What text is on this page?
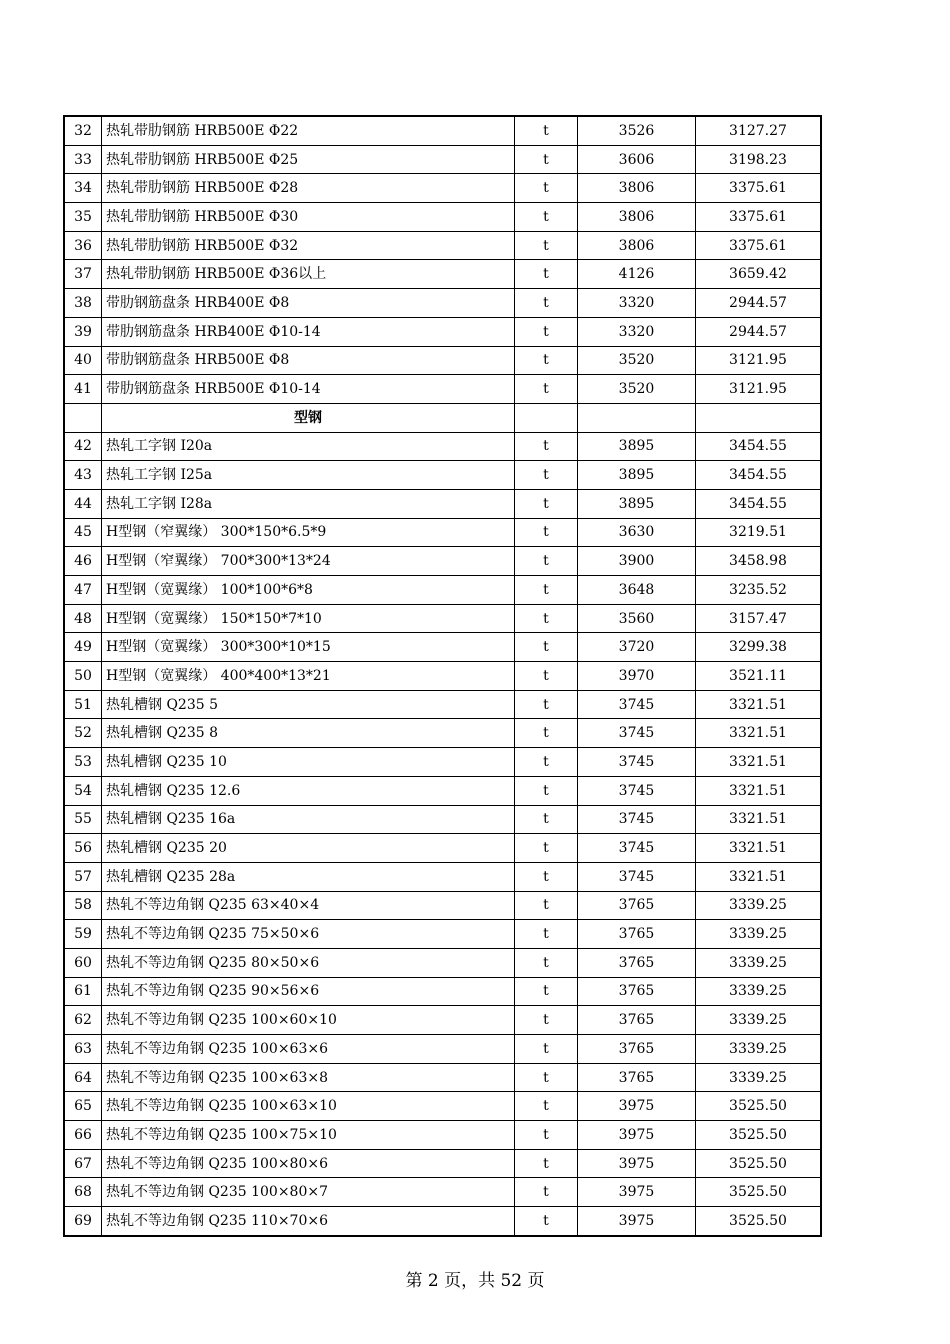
32	热轧带肋钢筋 HRB500E Φ22	t	3526	3127.27
33	热轧带肋钢筋 HRB500E Φ25	t	3606	3198.23
34	热轧带肋钢筋 HRB500E Φ28	t	3806	3375.61
35	热轧带肋钢筋 HRB500E Φ30	t	3806	3375.61
36	热轧带肋钢筋 HRB500E Φ32	t	3806	3375.61
37	热轧带肋钢筋 HRB500E Φ36以上	t	4126	3659.42
38	带肋钢筋盘条 HRB400E Φ8	t	3320	2944.57
39	带肋钢筋盘条 HRB400E Φ10-14	t	3320	2944.57
40	带肋钢筋盘条 HRB500E Φ8	t	3520	3121.95
41	带肋钢筋盘条 HRB500E Φ10-14	t	3520	3121.95
	型钢			
42	热轧工字钢 I20a	t	3895	3454.55
43	热轧工字钢 I25a	t	3895	3454.55
44	热轧工字钢 I28a	t	3895	3454.55
45	H型钢（窄翼缘） 300*150*6.5*9	t	3630	3219.51
46	H型钢（窄翼缘） 700*300*13*24	t	3900	3458.98
47	H型钢（宽翼缘） 100*100*6*8	t	3648	3235.52
48	H型钢（宽翼缘） 150*150*7*10	t	3560	3157.47
49	H型钢（宽翼缘） 300*300*10*15	t	3720	3299.38
50	H型钢（宽翼缘） 400*400*13*21	t	3970	3521.11
51	热轧槽钢 Q235 5	t	3745	3321.51
52	热轧槽钢 Q235 8	t	3745	3321.51
53	热轧槽钢 Q235 10	t	3745	3321.51
54	热轧槽钢 Q235 12.6	t	3745	3321.51
55	热轧槽钢 Q235 16a	t	3745	3321.51
56	热轧槽钢 Q235 20	t	3745	3321.51
57	热轧槽钢 Q235 28a	t	3745	3321.51
58	热轧不等边角钢 Q235 63×40×4	t	3765	3339.25
59	热轧不等边角钢 Q235 75×50×6	t	3765	3339.25
60	热轧不等边角钢 Q235 80×50×6	t	3765	3339.25
61	热轧不等边角钢 Q235 90×56×6	t	3765	3339.25
62	热轧不等边角钢 Q235 100×60×10	t	3765	3339.25
63	热轧不等边角钢 Q235 100×63×6	t	3765	3339.25
64	热轧不等边角钢 Q235 100×63×8	t	3765	3339.25
65	热轧不等边角钢 Q235 100×63×10	t	3975	3525.50
66	热轧不等边角钢 Q235 100×75×10	t	3975	3525.50
67	热轧不等边角钢 Q235 100×80×6	t	3975	3525.50
68	热轧不等边角钢 Q235 100×80×7	t	3975	3525.50
69	热轧不等边角钢 Q235 110×70×6	t	3975	3525.50
第 2 页，共 52 页
